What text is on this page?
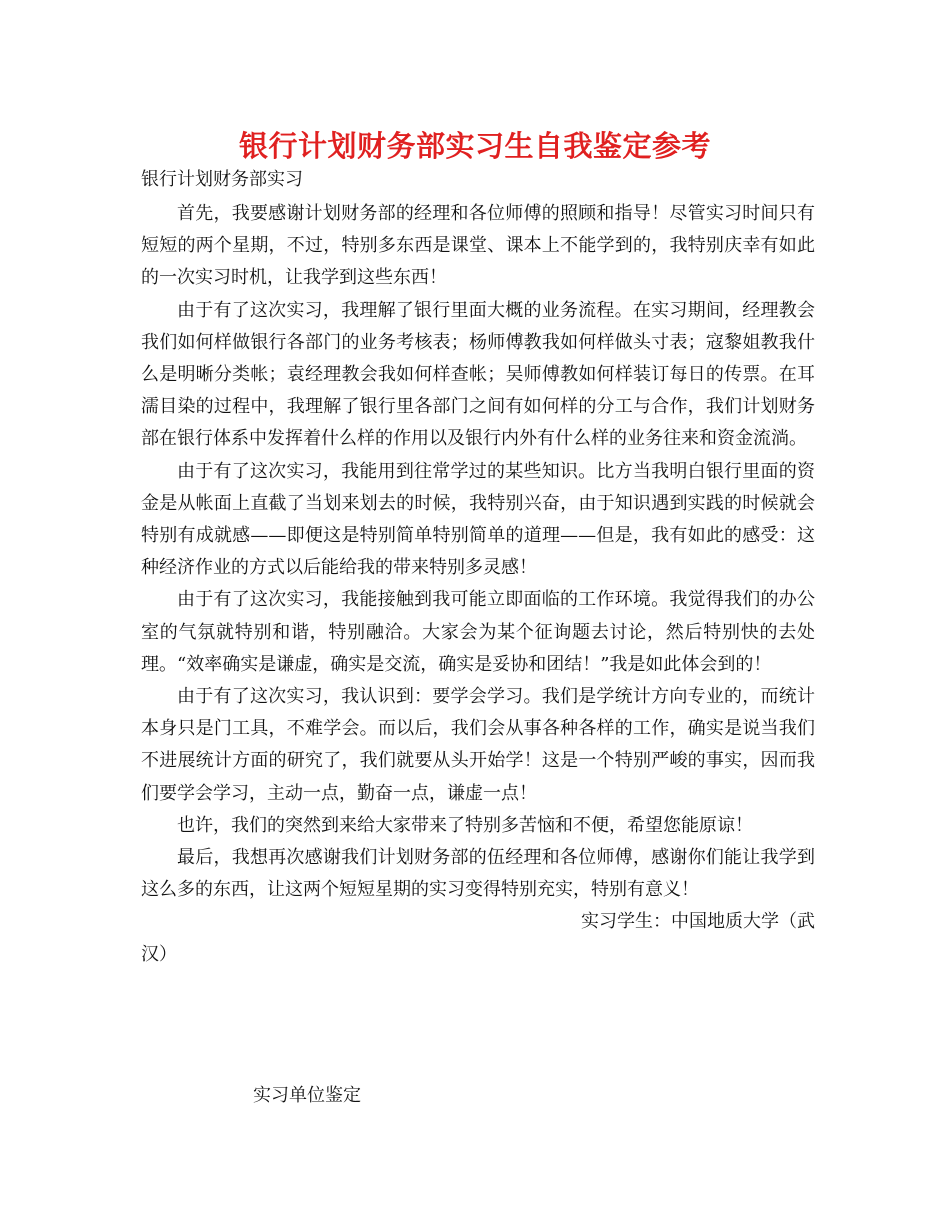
银行计划财务部实习生自我鉴定参考

银行计划财务部实习

首先，我要感谢计划财务部的经理和各位师傅的照顾和指导！尽管实习时间只有短短的两个星期，不过，特别多东西是课堂、课本上不能学到的，我特别庆幸有如此的一次实习时机，让我学到这些东西！

由于有了这次实习，我理解了银行里面大概的业务流程。在实习期间，经理教会我们如何样做银行各部门的业务考核表；杨师傅教我如何样做头寸表；寇黎姐教我什么是明晰分类帐；袁经理教会我如何样查帐；吴师傅教如何样装订每日的传票。在耳濡目染的过程中，我理解了银行里各部门之间有如何样的分工与合作，我们计划财务部在银行体系中发挥着什么样的作用以及银行内外有什么样的业务往来和资金流淌。

由于有了这次实习，我能用到往常学过的某些知识。比方当我明白银行里面的资金是从帐面上直截了当划来划去的时候，我特别兴奋，由于知识遇到实践的时候就会特别有成就感——即便这是特别简单特别简单的道理——但是，我有如此的感受：这种经济作业的方式以后能给我的带来特别多灵感！

由于有了这次实习，我能接触到我可能立即面临的工作环境。我觉得我们的办公室的气氛就特别和谐，特别融洽。大家会为某个征询题去讨论，然后特别快的去处理。“效率确实是谦虚，确实是交流，确实是妥协和团结！”我是如此体会到的！

由于有了这次实习，我认识到：要学会学习。我们是学统计方向专业的，而统计本身只是门工具，不难学会。而以后，我们会从事各种各样的工作，确实是说当我们不进展统计方面的研究了，我们就要从头开始学！这是一个特别严峻的事实，因而我们要学会学习，主动一点，勤奋一点，谦虚一点！

也许，我们的突然到来给大家带来了特别多苦恼和不便，希望您能原谅！

最后，我想再次感谢我们计划财务部的伍经理和各位师傅，感谢你们能让我学到这么多的东西，让这两个短短星期的实习变得特别充实，特别有意义！

实习学生：中国地质大学（武

汉）

实习单位鉴定
